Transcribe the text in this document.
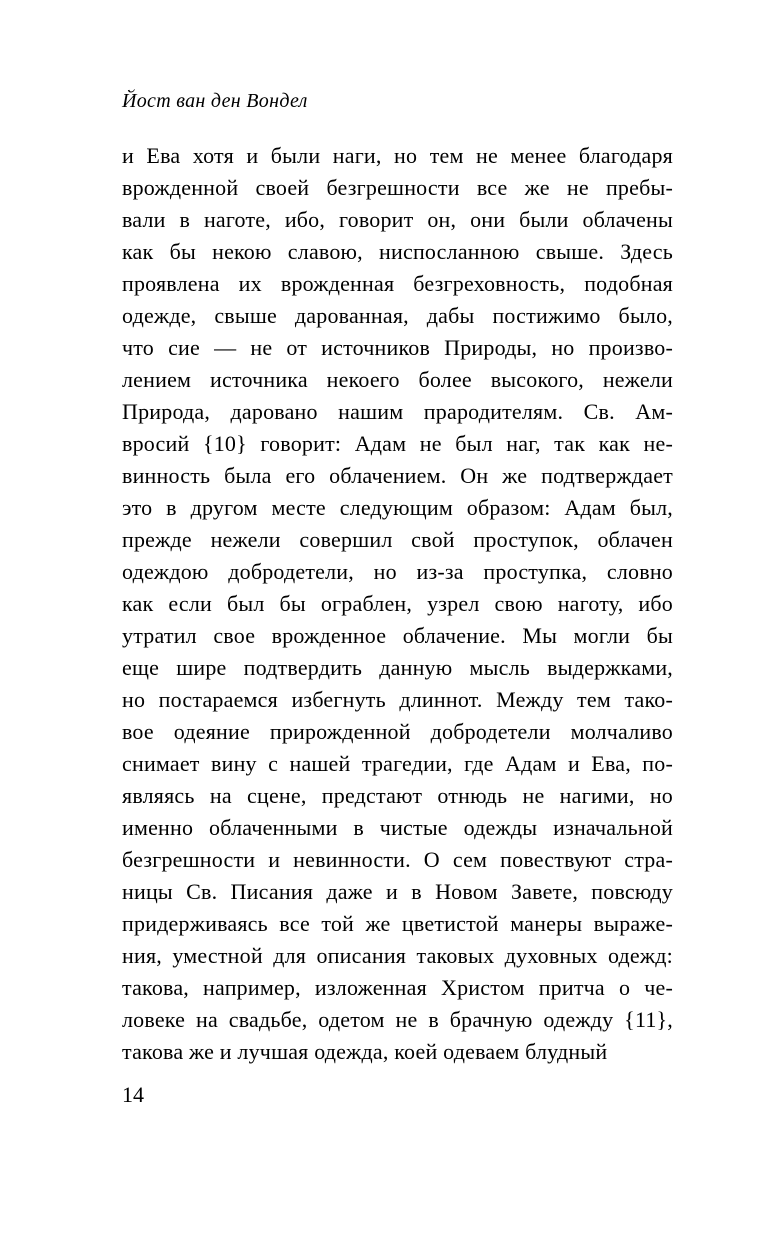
Йост ван ден Вондел
и Ева хотя и были наги, но тем не менее благодаря
врожденной своей безгрешности все же не пребы-
вали в наготе, ибо, говорит он, они были облачены
как бы некою славою, ниспосланною свыше. Здесь
проявлена их врожденная безгреховность, подобная
одежде, свыше дарованная, дабы постижимо было,
что сие — не от источников Природы, но произво-
лением источника некоего более высокого, нежели
Природа, даровано нашим прародителям. Св. Ам-
вросий {10} говорит: Адам не был наг, так как не-
винность была его облачением. Он же подтверждает
это в другом месте следующим образом: Адам был,
прежде нежели совершил свой проступок, облачен
одеждою добродетели, но из-за проступка, словно
как если был бы ограблен, узрел свою наготу, ибо
утратил свое врожденное облачение. Мы могли бы
еще шире подтвердить данную мысль выдержками,
но постараемся избегнуть длиннот. Между тем тако-
вое одеяние прирожденной добродетели молчаливо
снимает вину с нашей трагедии, где Адам и Ева, по-
являясь на сцене, предстают отнюдь не нагими, но
именно облаченными в чистые одежды изначальной
безгрешности и невинности. О сем повествуют стра-
ницы Св. Писания даже и в Новом Завете, повсюду
придерживаясь все той же цветистой манеры выраже-
ния, уместной для описания таковых духовных одежд:
такова, например, изложенная Христом притча о че-
ловеке на свадьбе, одетом не в брачную одежду {11},
такова же и лучшая одежда, коей одеваем блудный
14
